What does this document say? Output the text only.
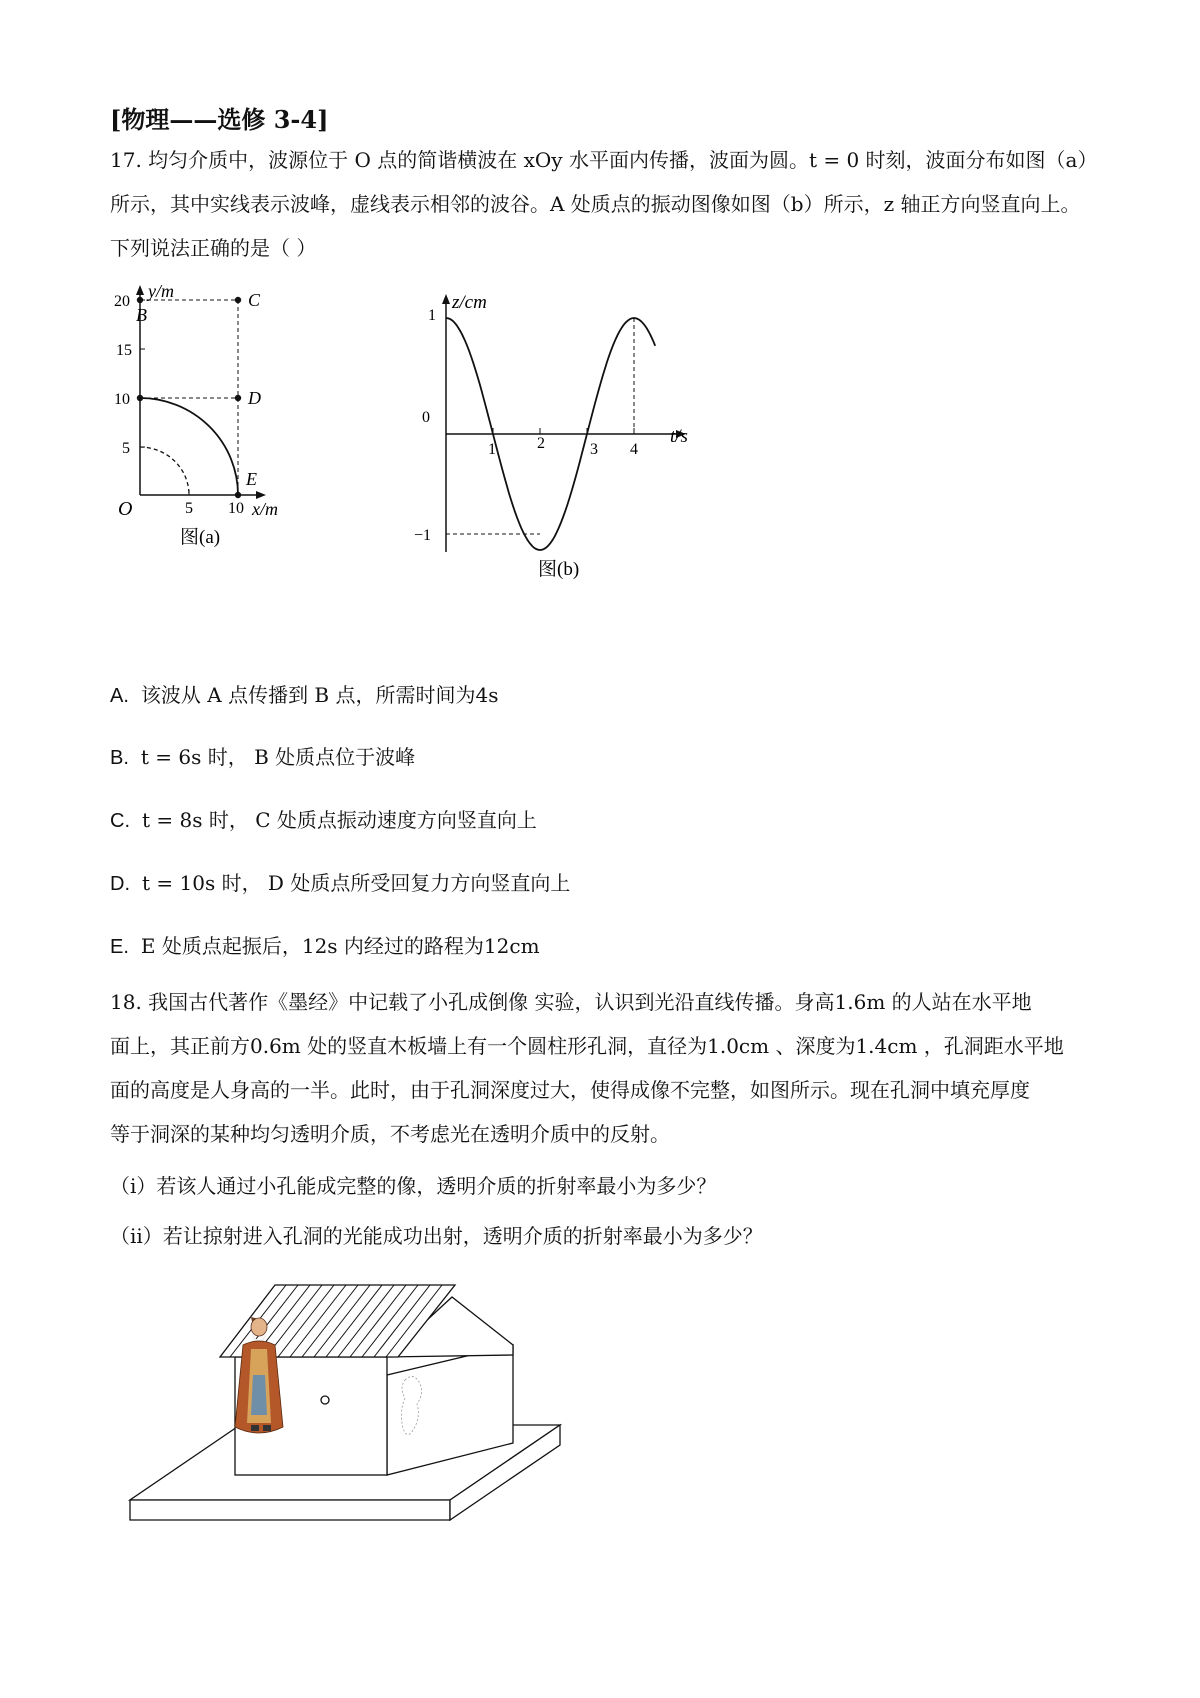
[物理——选修 3-4]
17. 均匀介质中，波源位于 O 点的简谐横波在 xOy 水平面内传播，波面为圆。t = 0 时刻，波面分布如图（a）
所示，其中实线表示波峰，虚线表示相邻的波谷。A 处质点的振动图像如图（b）所示，z 轴正方向竖直向上。
下列说法正确的是（ ）
y/m
x/m
O
20
15
10
5
5 10
B
C
D
E
图(a)
z/cm
t/s
1
0
−1
1	2	3 4
图(b)
A. 该波从 A 点传播到 B 点，所需时间为4s
B. t = 6s 时， B 处质点位于波峰
C. t = 8s 时， C 处质点振动速度方向竖直向上
D. t = 10s 时， D 处质点所受回复力方向竖直向上
E. E 处质点起振后，12s 内经过的路程为12cm
18. 我国古代著作《墨经》中记载了小孔成倒像 实验，认识到光沿直线传播。身高1.6m 的人站在水平地
面上，其正前方0.6m 处的竖直木板墙上有一个圆柱形孔洞，直径为1.0cm 、深度为1.4cm ，孔洞距水平地
面的高度是人身高的一半。此时，由于孔洞深度过大，使得成像不完整，如图所示。现在孔洞中填充厚度
等于洞深的某种均匀透明介质，不考虑光在透明介质中的反射。
（i）若该人通过小孔能成完整的像，透明介质的折射率最小为多少？
（ii）若让掠射进入孔洞的光能成功出射，透明介质的折射率最小为多少？
